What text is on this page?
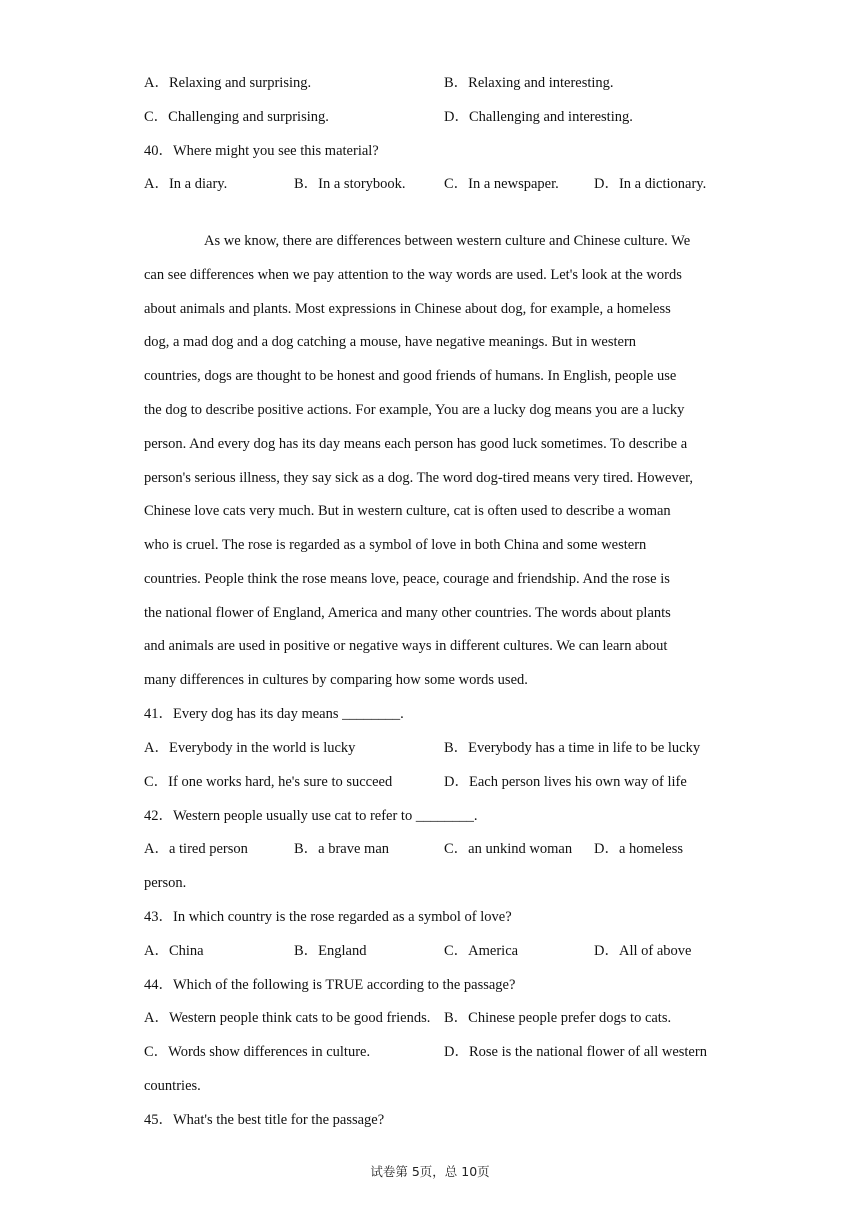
A．Relaxing and surprising.	B．Relaxing and interesting.
C．Challenging and surprising.	D．Challenging and interesting.
40．Where might you see this material?
A．In a diary.	B．In a storybook.	C．In a newspaper. D．In a dictionary.
As we know, there are differences between western culture and Chinese culture. We
can see differences when we pay attention to the way words are used. Let's look at the words
about animals and plants. Most expressions in Chinese about dog, for example, a homeless
dog, a mad dog and a dog catching a mouse, have negative meanings. But in western
countries, dogs are thought to be honest and good friends of humans. In English, people use
the dog to describe positive actions. For example, You are a lucky dog means you are a lucky
person. And every dog has its day means each person has good luck sometimes. To describe a
person's serious illness, they say sick as a dog. The word dog-tired means very tired. However,
Chinese love cats very much. But in western culture, cat is often used to describe a woman
who is cruel. The rose is regarded as a symbol of love in both China and some western
countries. People think the rose means love, peace, courage and friendship. And the rose is
the national flower of England, America and many other countries. The words about plants
and animals are used in positive or negative ways in different cultures. We can learn about
many differences in cultures by comparing how some words used.
41．Every dog has its day means ________.
A．Everybody in the world is lucky	B．Everybody has a time in life to be lucky
C．If one works hard, he's sure to succeed	D．Each person lives his own way of life
42．Western people usually use cat to refer to ________.
A．a tired person	B．a brave man	C．an unkind woman D．a homeless
person.
43．In which country is the rose regarded as a symbol of love?
A．China	B．England	C．America	D．All of above
44．Which of the following is TRUE according to the passage?
A．Western people think cats to be good friends. B．Chinese people prefer dogs to cats.
C．Words show differences in culture.	D．Rose is the national flower of all western
countries.
45．What's the best title for the passage?
试卷第 5页，总 10页
